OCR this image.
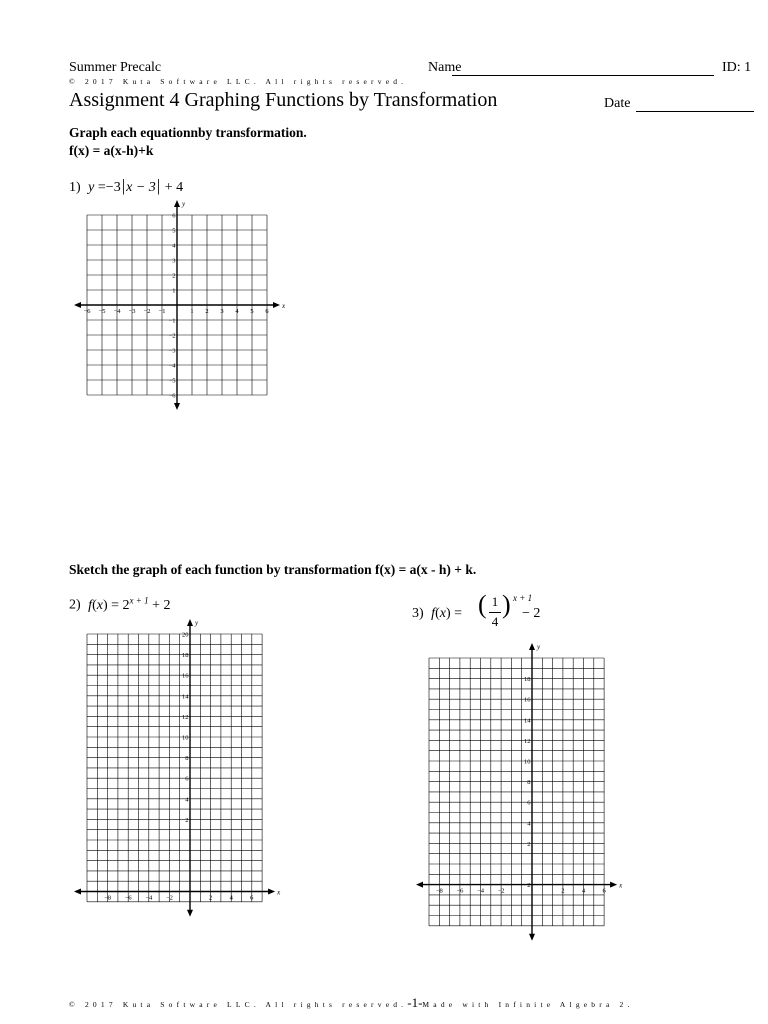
Summer Precalc	Name	ID: 1
© 2017 Kuta Software LLC. All rights reserved.
Assignment 4 Graphing Functions by Transformation	Date
Graph each equationnby transformation.
f(x) = a(x-h)+k
1) y =−3|x − 3| + 4
x
y
−6 −5 −4 −3 −2 −1	1 2 3 4 5 6
6
5
4
3
2
1
−1
−2
−3
−4
−5
−6
Sketch the graph of each function by transformation f(x) = a(x - h) + k.
2) $f(x) = 2^{x + 1} + 2$
x
y
−8 −6 −4 −2	2	4	6
20
18
16
14
12
10
8
6
4
2
3) f(x) = ( 1
4
) x + 1
− 2
x
y
−8 −6 −4 −2	2	4	6
18
16
14
12
10
8
6
4
2
−2
© 2017 Kuta Software LLC. All rights reserved.-1-Made with Infinite Algebra 2.
